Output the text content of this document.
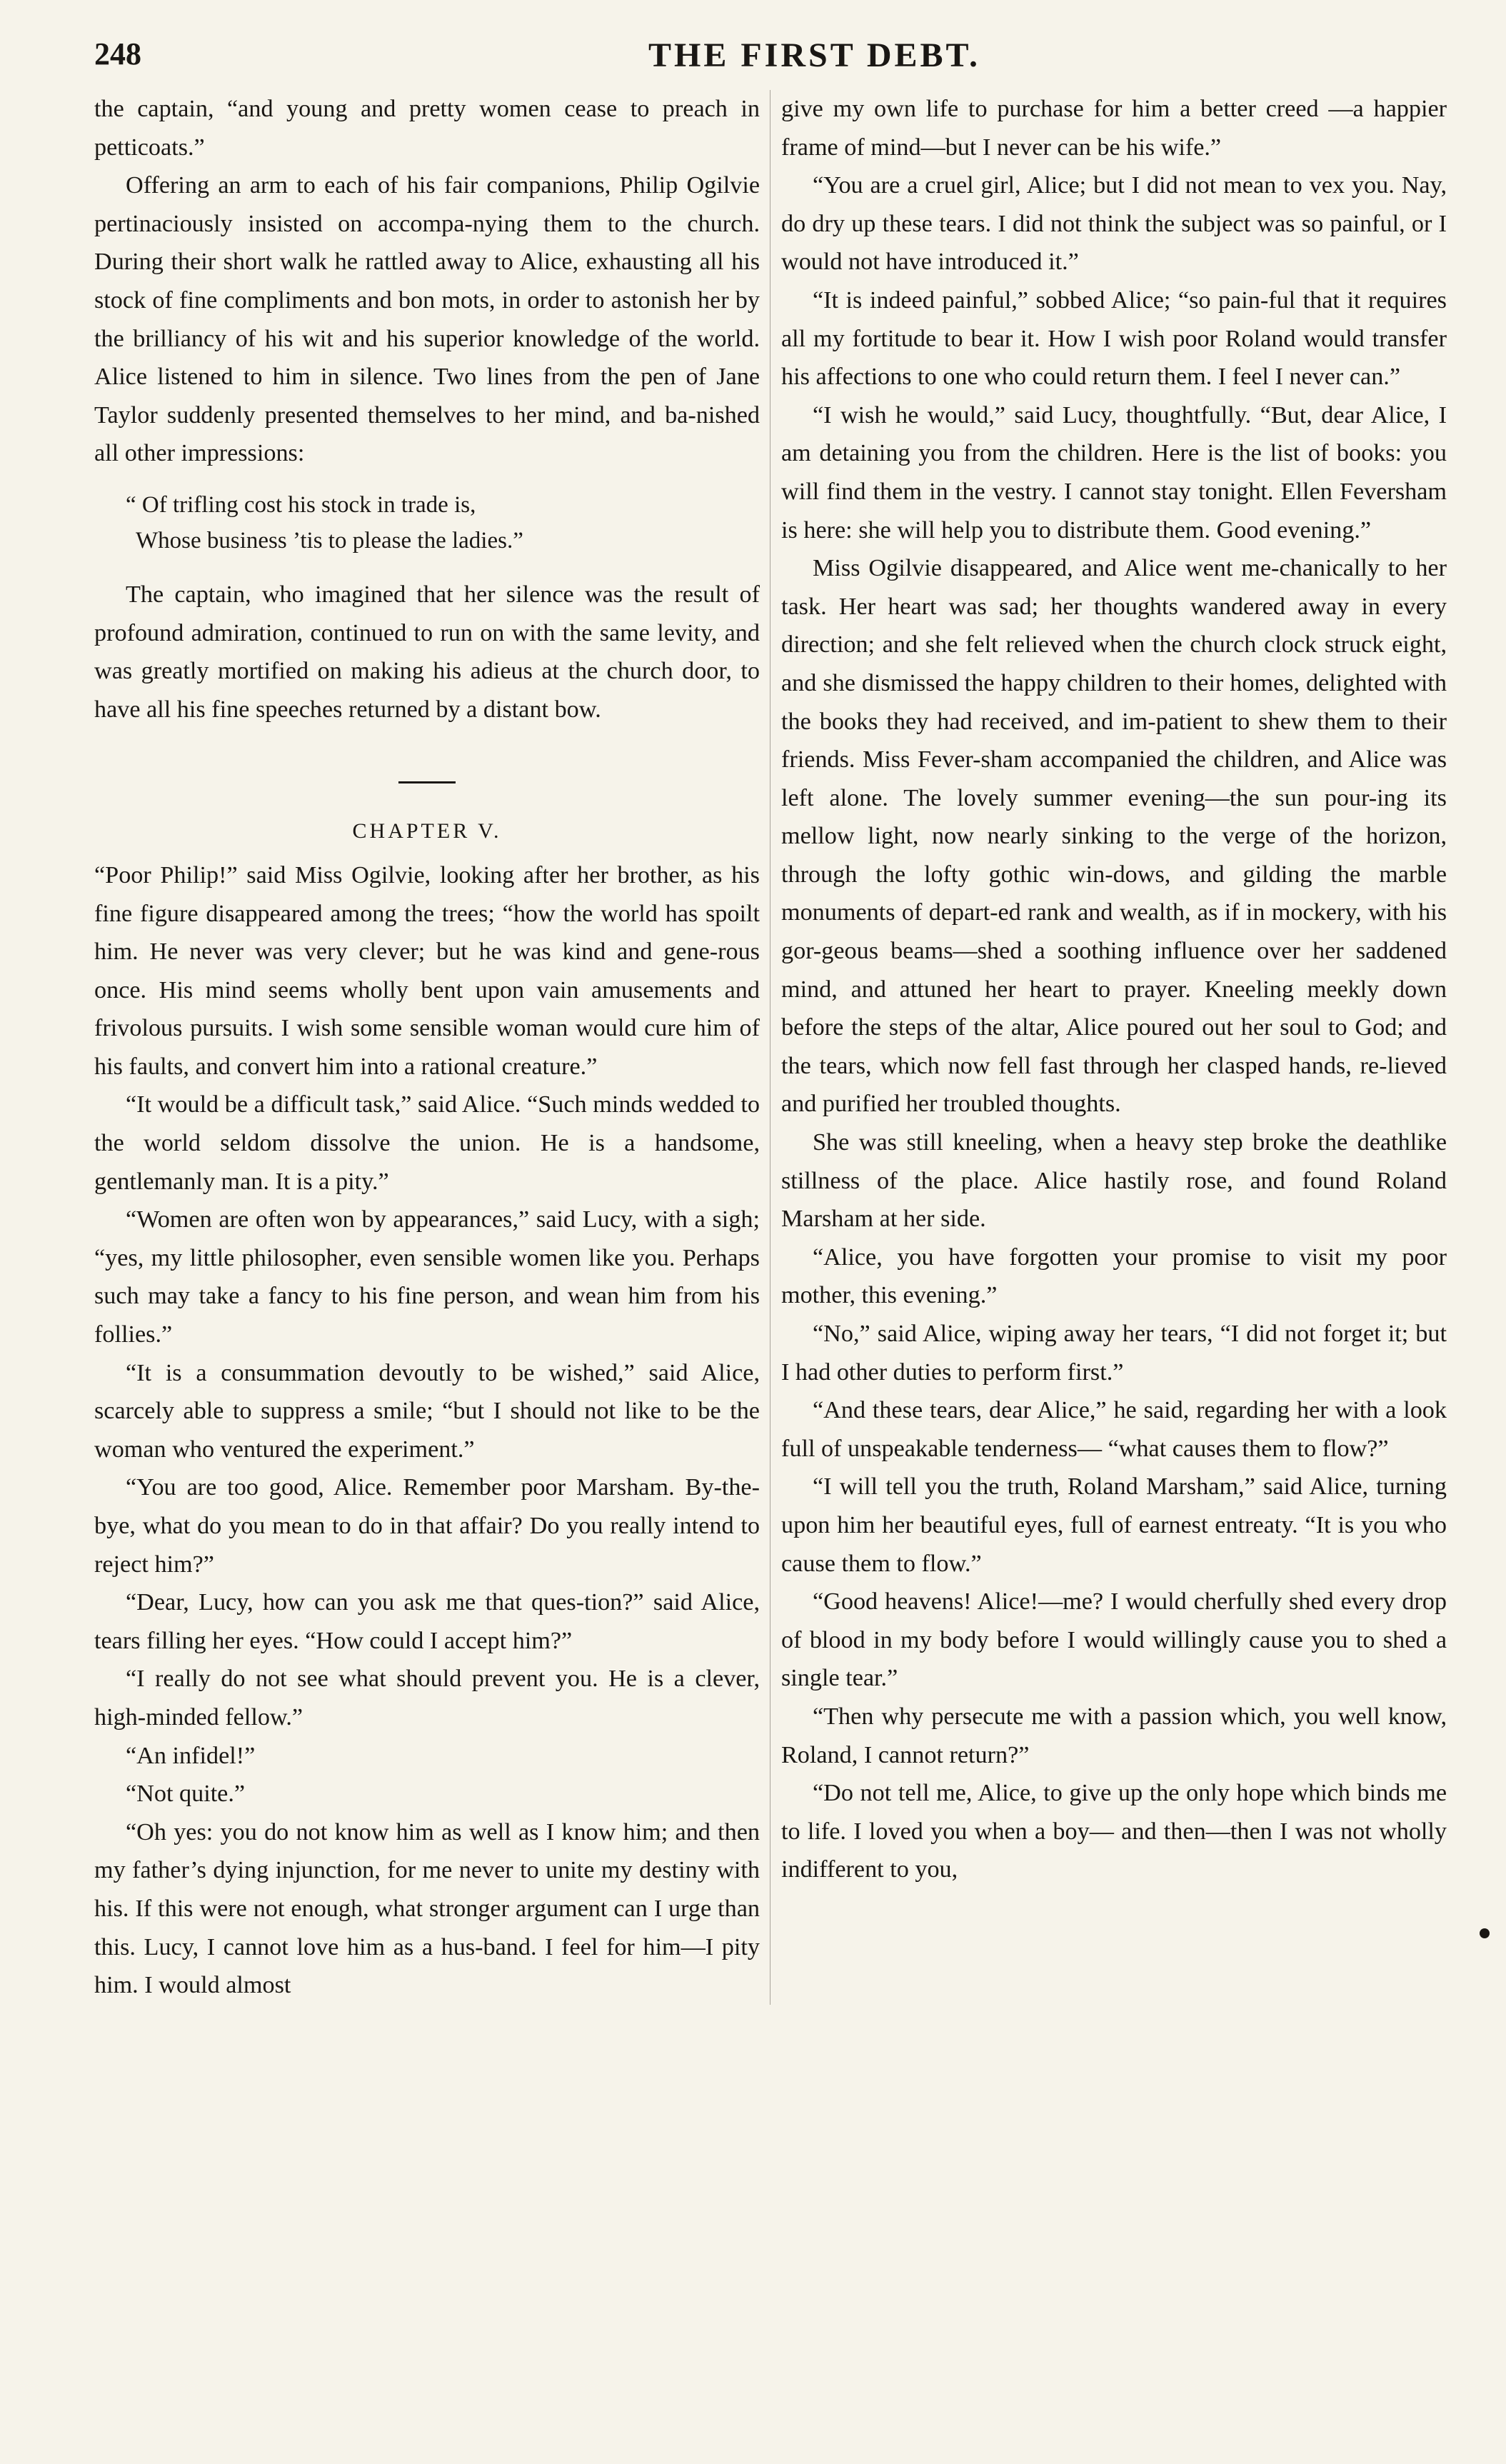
248	THE FIRST DEBT.

the captain, “and young and pretty women cease to preach in petticoats.”

Offering an arm to each of his fair companions, Philip Ogilvie pertinaciously insisted on accompa-nying them to the church. During their short walk he rattled away to Alice, exhausting all his stock of fine compliments and bon mots, in order to astonish her by the brilliancy of his wit and his superior knowledge of the world. Alice listened to him in silence. Two lines from the pen of Jane Taylor suddenly presented themselves to her mind, and ba-nished all other impressions:

“ Of trifling cost his stock in trade is,
Whose business ’tis to please the ladies.”

The captain, who imagined that her silence was the result of profound admiration, continued to run on with the same levity, and was greatly mortified on making his adieus at the church door, to have all his fine speeches returned by a distant bow.

CHAPTER V.

“Poor Philip!” said Miss Ogilvie, looking after her brother, as his fine figure disappeared among the trees; “how the world has spoilt him. He never was very clever; but he was kind and gene-rous once. His mind seems wholly bent upon vain amusements and frivolous pursuits. I wish some sensible woman would cure him of his faults, and convert him into a rational creature.”

“It would be a difficult task,” said Alice. “Such minds wedded to the world seldom dissolve the union. He is a handsome, gentlemanly man. It is a pity.”

“Women are often won by appearances,” said Lucy, with a sigh; “yes, my little philosopher, even sensible women like you. Perhaps such may take a fancy to his fine person, and wean him from his follies.”

“It is a consummation devoutly to be wished,” said Alice, scarcely able to suppress a smile; “but I should not like to be the woman who ventured the experiment.”

“You are too good, Alice. Remember poor Marsham. By-the-bye, what do you mean to do in that affair? Do you really intend to reject him?”

“Dear, Lucy, how can you ask me that ques-tion?” said Alice, tears filling her eyes. “How could I accept him?”

“I really do not see what should prevent you. He is a clever, high-minded fellow.”

“An infidel!”

“Not quite.”

“Oh yes: you do not know him as well as I know him; and then my father’s dying injunction, for me never to unite my destiny with his. If this were not enough, what stronger argument can I urge than this. Lucy, I cannot love him as a hus-band. I feel for him—I pity him. I would almost

give my own life to purchase for him a better creed —a happier frame of mind—but I never can be his wife.”

“You are a cruel girl, Alice; but I did not mean to vex you. Nay, do dry up these tears. I did not think the subject was so painful, or I would not have introduced it.”

“It is indeed painful,” sobbed Alice; “so pain-ful that it requires all my fortitude to bear it. How I wish poor Roland would transfer his affections to one who could return them. I feel I never can.”

“I wish he would,” said Lucy, thoughtfully. “But, dear Alice, I am detaining you from the children. Here is the list of books: you will find them in the vestry. I cannot stay tonight. Ellen Feversham is here: she will help you to distribute them. Good evening.”

Miss Ogilvie disappeared, and Alice went me-chanically to her task. Her heart was sad; her thoughts wandered away in every direction; and she felt relieved when the church clock struck eight, and she dismissed the happy children to their homes, delighted with the books they had received, and im-patient to shew them to their friends. Miss Fever-sham accompanied the children, and Alice was left alone. The lovely summer evening—the sun pour-ing its mellow light, now nearly sinking to the verge of the horizon, through the lofty gothic win-dows, and gilding the marble monuments of depart-ed rank and wealth, as if in mockery, with his gor-geous beams—shed a soothing influence over her saddened mind, and attuned her heart to prayer. Kneeling meekly down before the steps of the altar, Alice poured out her soul to God; and the tears, which now fell fast through her clasped hands, re-lieved and purified her troubled thoughts.

She was still kneeling, when a heavy step broke the deathlike stillness of the place. Alice hastily rose, and found Roland Marsham at her side.

“Alice, you have forgotten your promise to visit my poor mother, this evening.”

“No,” said Alice, wiping away her tears, “I did not forget it; but I had other duties to perform first.”

“And these tears, dear Alice,” he said, regarding her with a look full of unspeakable tenderness— “what causes them to flow?”

“I will tell you the truth, Roland Marsham,” said Alice, turning upon him her beautiful eyes, full of earnest entreaty. “It is you who cause them to flow.”

“Good heavens! Alice!—me? I would cherfully shed every drop of blood in my body before I would willingly cause you to shed a single tear.”

“Then why persecute me with a passion which, you well know, Roland, I cannot return?”

“Do not tell me, Alice, to give up the only hope which binds me to life. I loved you when a boy— and then—then I was not wholly indifferent to you,
